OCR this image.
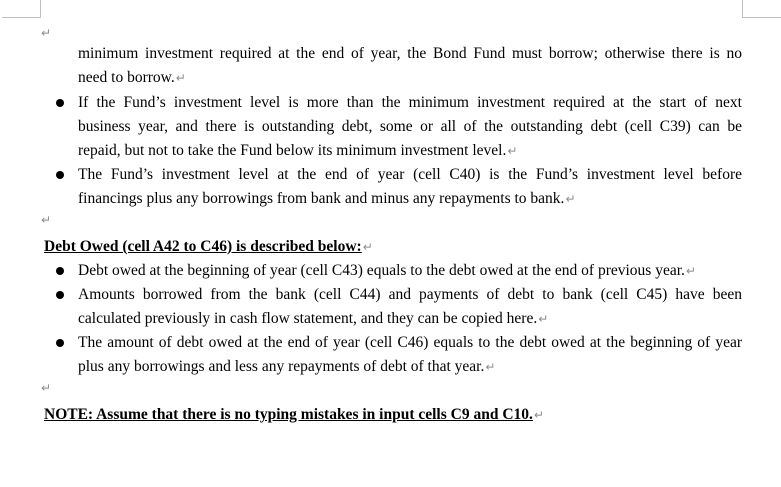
↵
minimum investment required at the end of year, the Bond Fund must borrow; otherwise there is no
need to borrow.↵
If the Fund’s investment level is more than the minimum investment required at the start of next
business year, and there is outstanding debt, some or all of the outstanding debt (cell C39) can be
repaid, but not to take the Fund below its minimum investment level.↵
The Fund’s investment level at the end of year (cell C40) is the Fund’s investment level before
financings plus any borrowings from bank and minus any repayments to bank.↵
↵
Debt Owed (cell A42 to C46) is described below:↵
Debt owed at the beginning of year (cell C43) equals to the debt owed at the end of previous year.↵
Amounts borrowed from the bank (cell C44) and payments of debt to bank (cell C45) have been
calculated previously in cash flow statement, and they can be copied here.↵
The amount of debt owed at the end of year (cell C46) equals to the debt owed at the beginning of year
plus any borrowings and less any repayments of debt of that year.↵
↵
NOTE: Assume that there is no typing mistakes in input cells C9 and C10.↵
